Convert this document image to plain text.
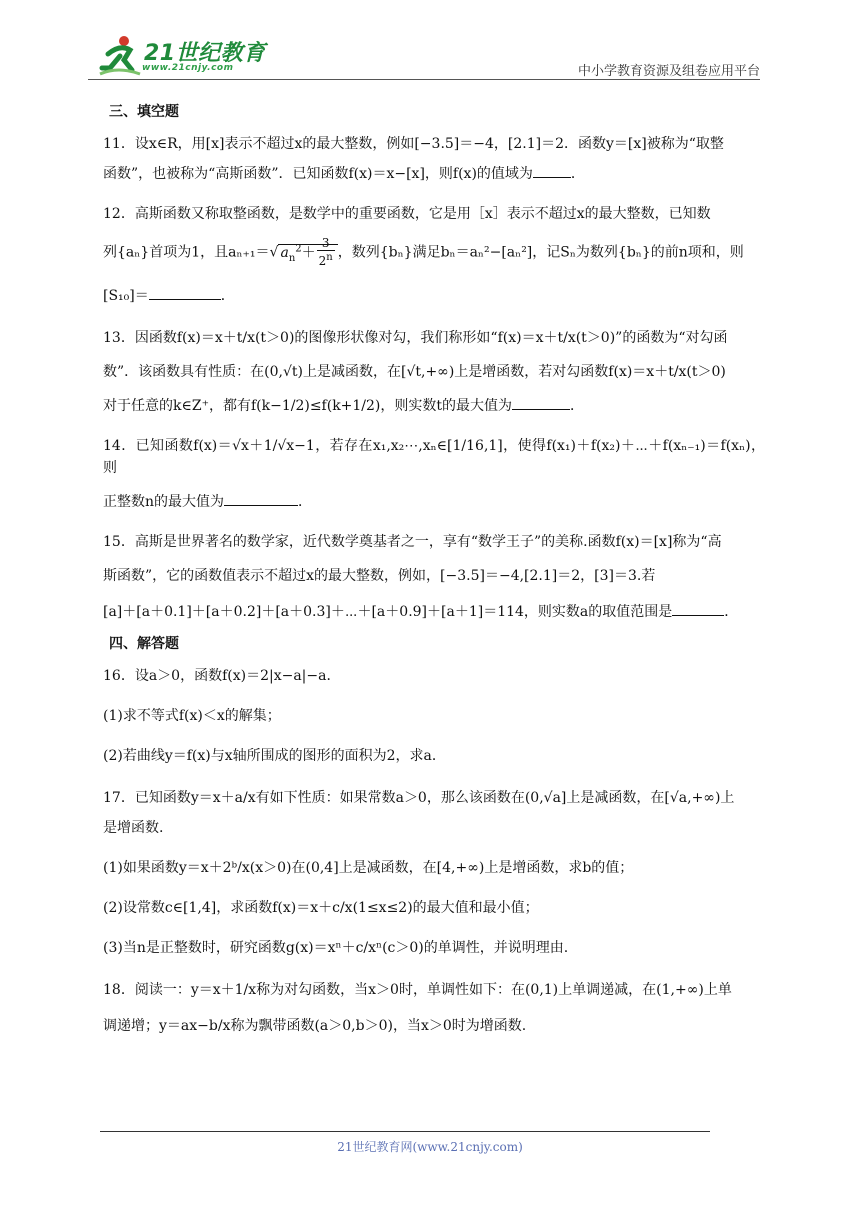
21世纪教育
www.21cnjy.com	中小学教育资源及组卷应用平台
三、填空题

11．设x∈R，用[x]表示不超过x的最大整数，例如[−3.5]＝−4，[2.1]＝2．函数y＝[x]被称为“取整

函数”，也被称为“高斯函数”．已知函数f(x)＝x−[x]，则f(x)的值域为	．

12．高斯函数又称取整函数，是数学中的重要函数，它是用［x］表示不超过x的最大整数，已知数

列{aₙ}首项为1，且aₙ₊₁＝√ $a_n^2+ \frac{3}{2^n}$ ，数列{bₙ}满足bₙ＝aₙ²−[aₙ²]，记Sₙ为数列{bₙ}的前n项和，则

[S₁₀]＝	．

13．因函数f(x)＝x＋t/x(t＞0)的图像形状像对勾，我们称形如“f(x)＝x＋t/x(t＞0)”的函数为“对勾函

数”．该函数具有性质：在(0,√t)上是减函数，在[√t,+∞)上是增函数，若对勾函数f(x)＝x＋t/x(t＞0)

对于任意的k∈Z⁺，都有f(k−1/2)≤f(k+1/2)，则实数t的最大值为	．

14．已知函数f(x)＝√x＋1/√x−1，若存在x₁,x₂⋯,xₙ∈[1/16,1]，使得f(x₁)＋f(x₂)＋⋯＋f(xₙ₋₁)＝f(xₙ)，则

正整数n的最大值为	．

15．高斯是世界著名的数学家，近代数学奠基者之一，享有“数学王子”的美称.函数f(x)＝[x]称为“高

斯函数”，它的函数值表示不超过x的最大整数，例如，[−3.5]＝−4,[2.1]＝2，[3]＝3.若

[a]＋[a＋0.1]＋[a＋0.2]＋[a＋0.3]＋⋯＋[a＋0.9]＋[a＋1]＝114，则实数a的取值范围是	．

四、解答题

16．设a＞0，函数f(x)＝2|x−a|−a．

(1)求不等式f(x)＜x的解集；

(2)若曲线y＝f(x)与x轴所围成的图形的面积为2，求a．

17．已知函数y＝x＋a/x有如下性质：如果常数a＞0，那么该函数在(0,√a]上是减函数，在[√a,+∞)上

是增函数.

(1)如果函数y＝x＋2ᵇ/x(x＞0)在(0,4]上是减函数，在[4,+∞)上是增函数，求b的值；

(2)设常数c∈[1,4]，求函数f(x)＝x＋c/x(1≤x≤2)的最大值和最小值；

(3)当n是正整数时，研究函数g(x)＝xⁿ＋c/xⁿ(c＞0)的单调性，并说明理由.

18．阅读一：y＝x＋1/x称为对勾函数，当x＞0时，单调性如下：在(0,1)上单调递减，在(1,+∞)上单

调递增；y＝ax−b/x称为飘带函数(a＞0,b＞0)，当x＞0时为增函数.

21世纪教育网(www.21cnjy.com)
